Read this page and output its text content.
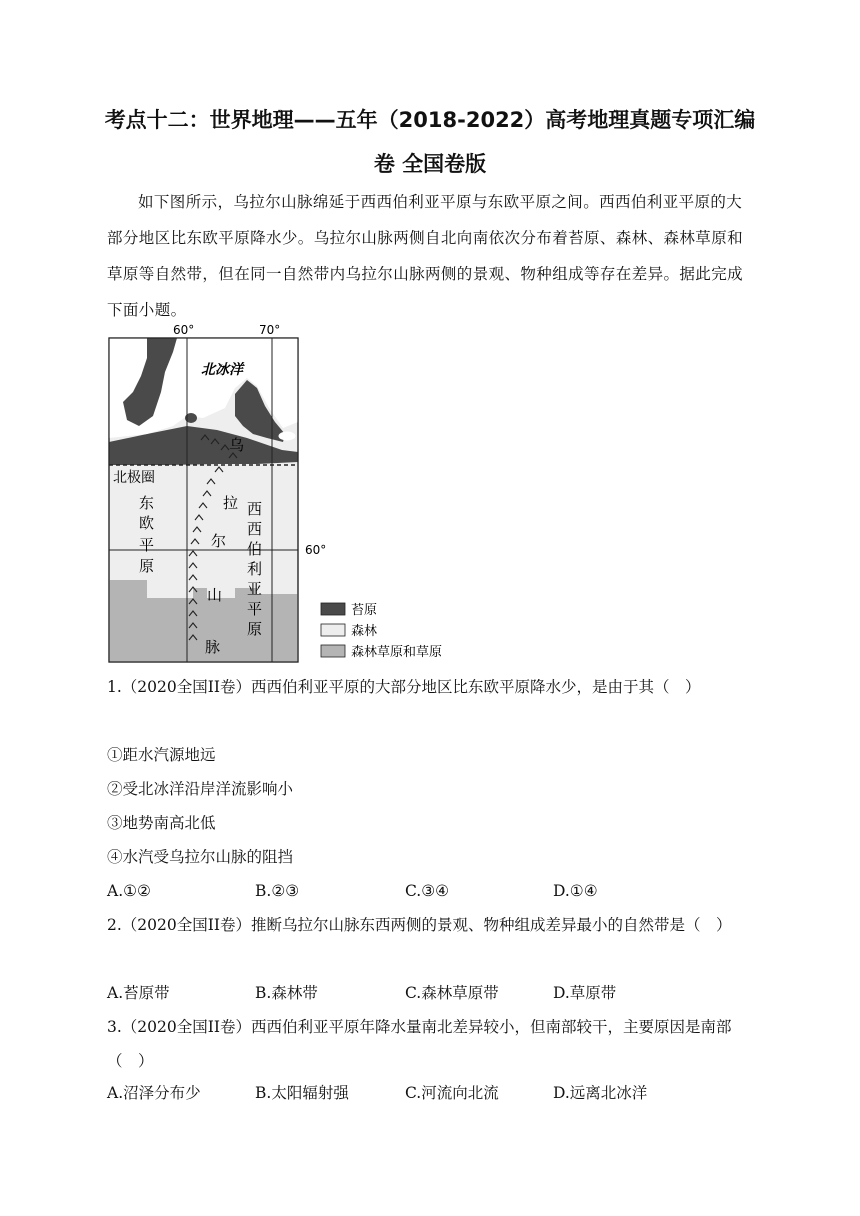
考点十二：世界地理——五年（2018-2022）高考地理真题专项汇编卷 全国卷版
如下图所示，乌拉尔山脉绵延于西西伯利亚平原与东欧平原之间。西西伯利亚平原的大部分地区比东欧平原降水少。乌拉尔山脉两侧自北向南依次分布着苔原、森林、森林草原和草原等自然带，但在同一自然带内乌拉尔山脉两侧的景观、物种组成等存在差异。据此完成下面小题。
60°	70°
60°
北冰洋
北极圈
东
欧
平
原
西
西
伯
利
亚
平
原
乌
拉
尔
山
脉
苔原
森林
森林草原和草原
1.（2020全国II卷）西西伯利亚平原的大部分地区比东欧平原降水少，是由于其（　）
①距水汽源地远
②受北冰洋沿岸洋流影响小
③地势南高北低
④水汽受乌拉尔山脉的阻挡
A.①②	B.②③	C.③④	D.①④
2.（2020全国II卷）推断乌拉尔山脉东西两侧的景观、物种组成差异最小的自然带是（　）
A.苔原带	B.森林带	C.森林草原带	D.草原带
3.（2020全国II卷）西西伯利亚平原年降水量南北差异较小，但南部较干，主要原因是南部（　）
A.沼泽分布少	B.太阳辐射强	C.河流向北流	D.远离北冰洋
